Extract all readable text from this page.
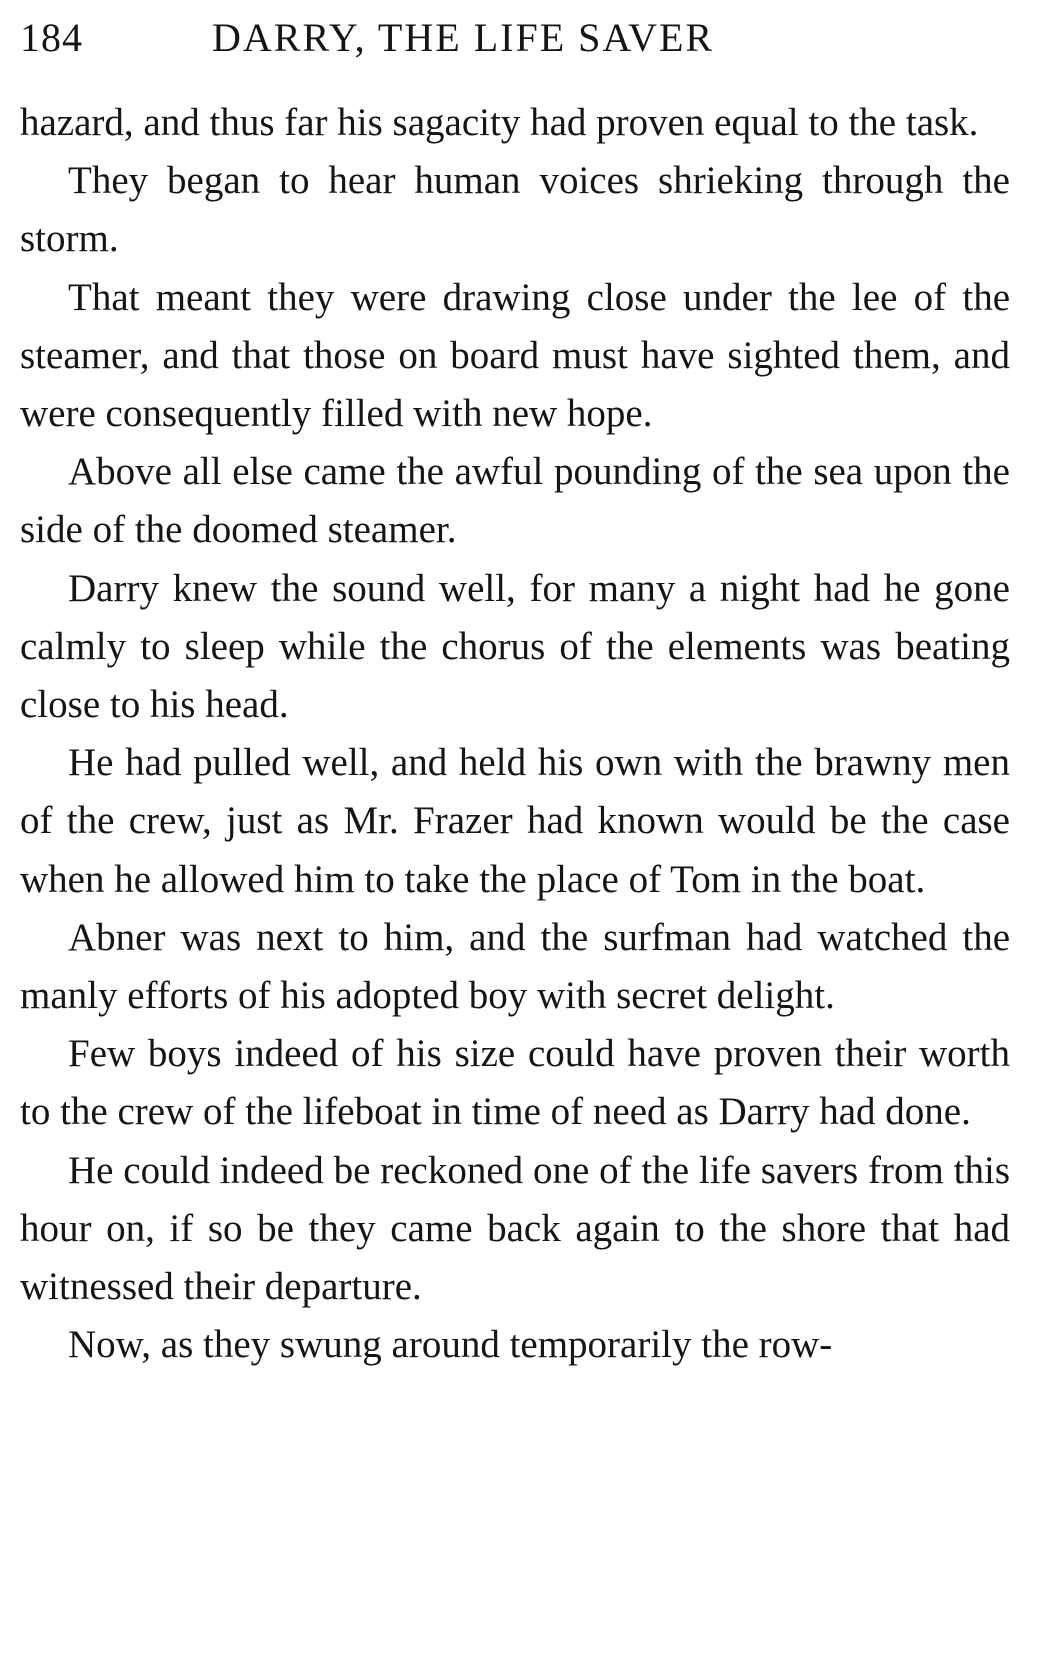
184	DARRY, THE LIFE SAVER

hazard, and thus far his sagacity had proven equal to the task.

They began to hear human voices shrieking through the storm.

That meant they were drawing close under the lee of the steamer, and that those on board must have sighted them, and were consequently filled with new hope.

Above all else came the awful pounding of the sea upon the side of the doomed steamer.

Darry knew the sound well, for many a night had he gone calmly to sleep while the chorus of the elements was beating close to his head.

He had pulled well, and held his own with the brawny men of the crew, just as Mr. Frazer had known would be the case when he allowed him to take the place of Tom in the boat.

Abner was next to him, and the surfman had watched the manly efforts of his adopted boy with secret delight.

Few boys indeed of his size could have proven their worth to the crew of the lifeboat in time of need as Darry had done.

He could indeed be reckoned one of the life savers from this hour on, if so be they came back again to the shore that had witnessed their departure.

Now, as they swung around temporarily the row-
